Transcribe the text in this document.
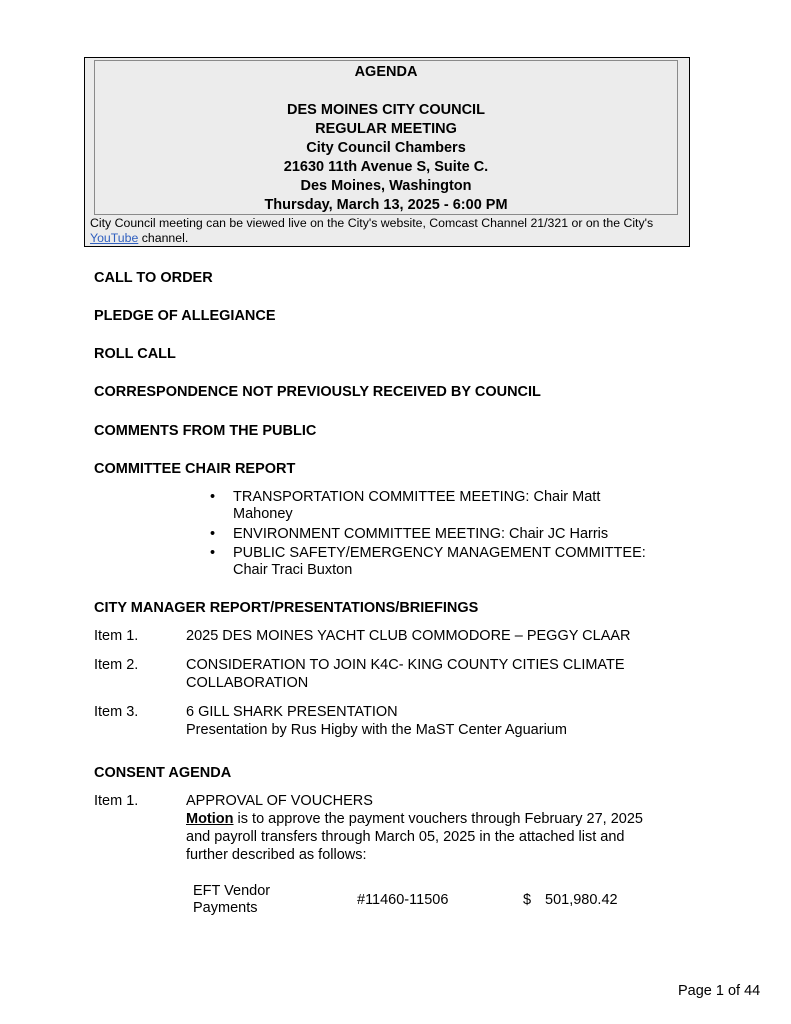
AGENDA
DES MOINES CITY COUNCIL
REGULAR MEETING
City Council Chambers
21630 11th Avenue S, Suite C.
Des Moines, Washington
Thursday, March 13, 2025 - 6:00 PM
City Council meeting can be viewed live on the City's website, Comcast Channel 21/321 or on the City's YouTube channel.
CALL TO ORDER
PLEDGE OF ALLEGIANCE
ROLL CALL
CORRESPONDENCE NOT PREVIOUSLY RECEIVED BY COUNCIL
COMMENTS FROM THE PUBLIC
COMMITTEE CHAIR REPORT
• TRANSPORTATION COMMITTEE MEETING: Chair Matt Mahoney
• ENVIRONMENT COMMITTEE MEETING: Chair JC Harris
• PUBLIC SAFETY/EMERGENCY MANAGEMENT COMMITTEE: Chair Traci Buxton
CITY MANAGER REPORT/PRESENTATIONS/BRIEFINGS
Item 1.	2025 DES MOINES YACHT CLUB COMMODORE – PEGGY CLAAR
Item 2.	CONSIDERATION TO JOIN K4C- KING COUNTY CITIES CLIMATE COLLABORATION
Item 3.	6 GILL SHARK PRESENTATION
Presentation by Rus Higby with the MaST Center Aguarium
CONSENT AGENDA
Item 1.	APPROVAL OF VOUCHERS
Motion is to approve the payment vouchers through February 27, 2025 and payroll transfers through March 05, 2025 in the attached list and further described as follows:
EFT Vendor Payments	#11460-11506	$ 501,980.42
Page 1 of 44
